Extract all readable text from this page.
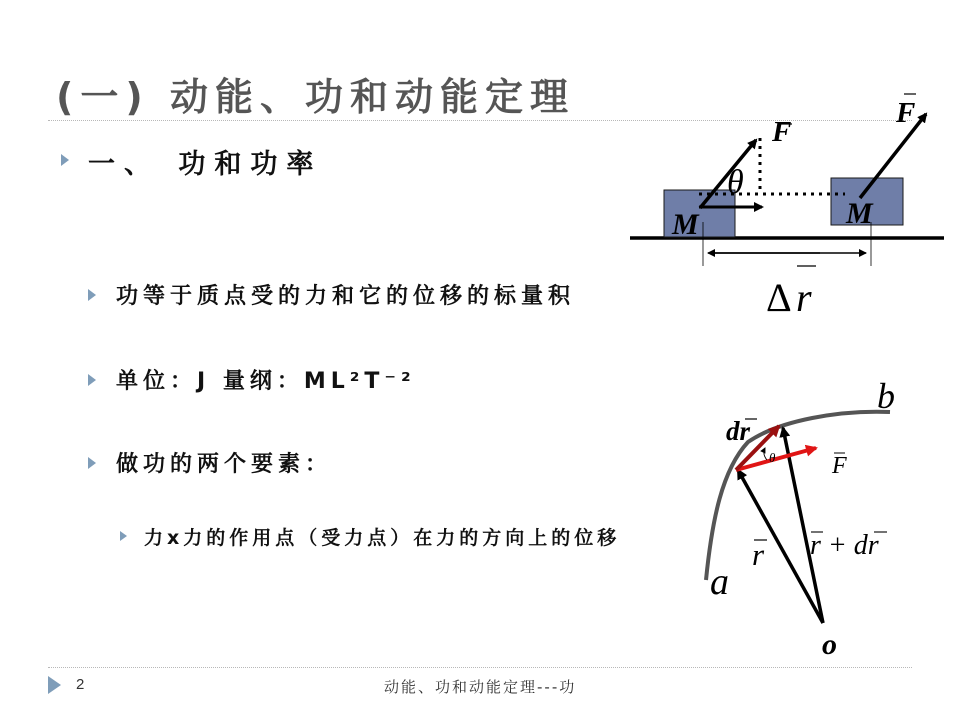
(一) 动能、功和动能定理

一、 功和功率

功等于质点受的力和它的位移的标量积

单位：J 量纲：ML²T⁻²

做功的两个要素：

力x力的作用点（受力点）在力的方向上的位移

M	M
F
F
θ
Δ r
b
a
o
dr
F
θ
r r + dr
2	动能、功和动能定理---功
